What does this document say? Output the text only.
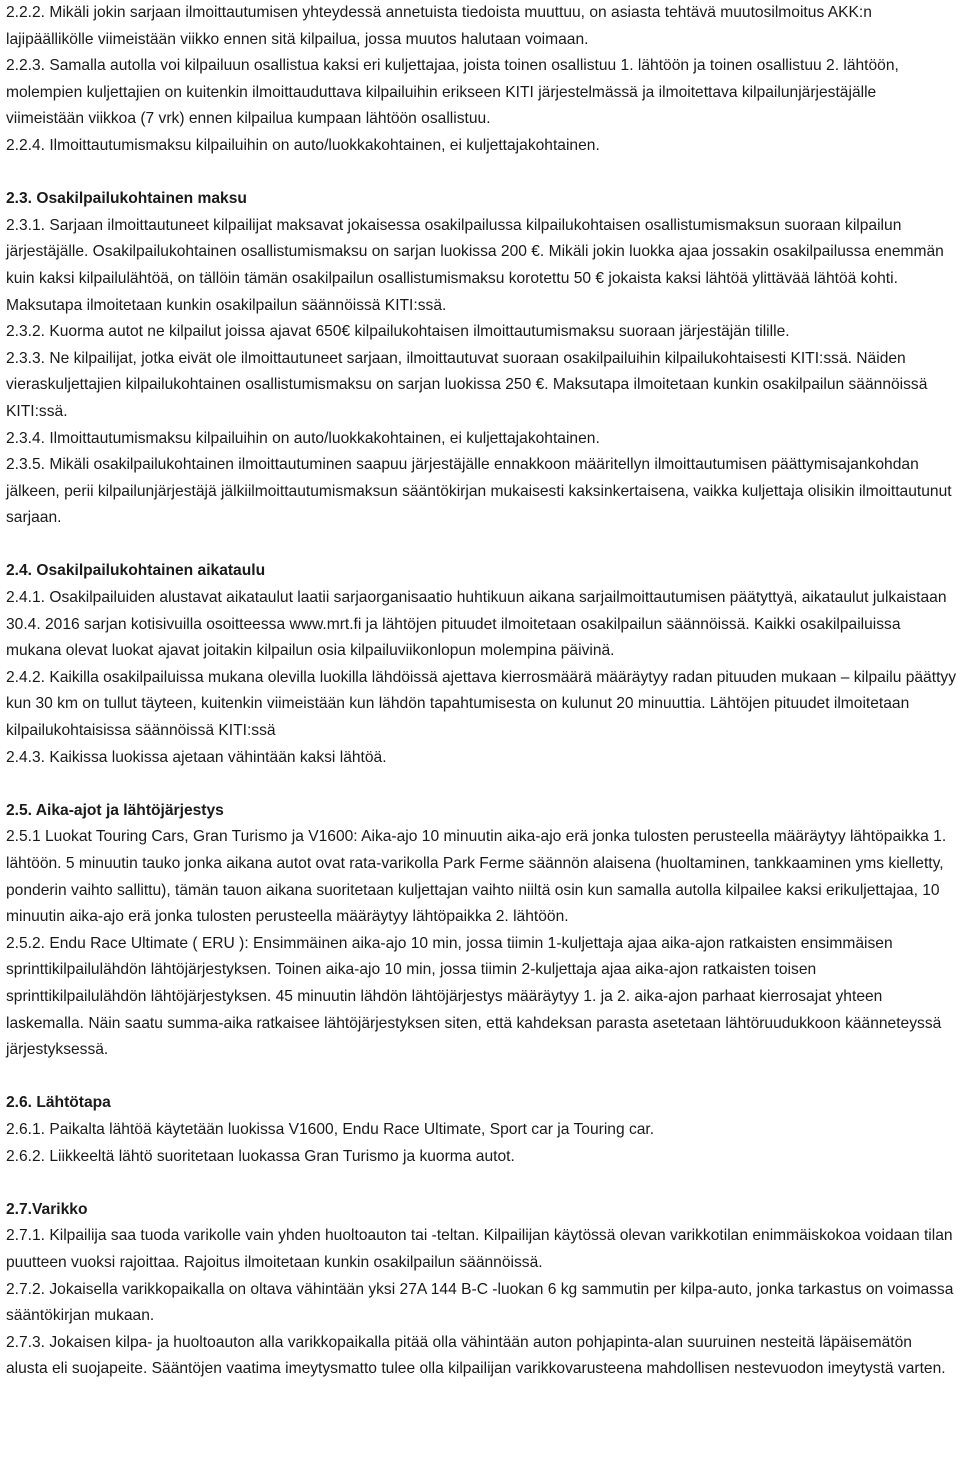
2.2.2. Mikäli jokin sarjaan ilmoittautumisen yhteydessä annetuista tiedoista muuttuu, on asiasta tehtävä muutosilmoitus AKK:n lajipäällikölle viimeistään viikko ennen sitä kilpailua, jossa muutos halutaan voimaan.

2.2.3. Samalla autolla voi kilpailuun osallistua kaksi eri kuljettajaa, joista toinen osallistuu 1. lähtöön ja toinen osallistuu 2. lähtöön, molempien kuljettajien on kuitenkin ilmoittauduttava kilpailuihin erikseen KITI järjestelmässä ja ilmoitettava kilpailunjärjestäjälle viimeistään viikkoa (7 vrk) ennen kilpailua kumpaan lähtöön osallistuu.

2.2.4. Ilmoittautumismaksu kilpailuihin on auto/luokkakohtainen, ei kuljettajakohtainen.

2.3. Osakilpailukohtainen maksu

2.3.1. Sarjaan ilmoittautuneet kilpailijat maksavat jokaisessa osakilpailussa kilpailukohtaisen osallistumismaksun suoraan kilpailun järjestäjälle. Osakilpailukohtainen osallistumismaksu on sarjan luokissa 200 €. Mikäli jokin luokka ajaa jossakin osakilpailussa enemmän kuin kaksi kilpailulähtöä, on tällöin tämän osakilpailun osallistumismaksu korotettu 50 € jokaista kaksi lähtöä ylittävää lähtöä kohti. Maksutapa ilmoitetaan kunkin osakilpailun säännöissä KITI:ssä.

2.3.2. Kuorma autot ne kilpailut joissa ajavat 650€ kilpailukohtaisen ilmoittautumismaksu suoraan järjestäjän tilille.

2.3.3. Ne kilpailijat, jotka eivät ole ilmoittautuneet sarjaan, ilmoittautuvat suoraan osakilpailuihin kilpailukohtaisesti KITI:ssä. Näiden vieraskuljettajien kilpailukohtainen osallistumismaksu on sarjan luokissa 250 €. Maksutapa ilmoitetaan kunkin osakilpailun säännöissä KITI:ssä.

2.3.4. Ilmoittautumismaksu kilpailuihin on auto/luokkakohtainen, ei kuljettajakohtainen.

2.3.5. Mikäli osakilpailukohtainen ilmoittautuminen saapuu järjestäjälle ennakkoon määritellyn ilmoittautumisen päättymisajankohdan jälkeen, perii kilpailunjärjestäjä jälkiilmoittautumismaksun sääntökirjan mukaisesti kaksinkertaisena, vaikka kuljettaja olisikin ilmoittautunut sarjaan.

2.4. Osakilpailukohtainen aikataulu

2.4.1. Osakilpailuiden alustavat aikataulut laatii sarjaorganisaatio huhtikuun aikana sarjailmoittautumisen päätyttyä, aikataulut julkaistaan 30.4. 2016 sarjan kotisivuilla osoitteessa www.mrt.fi ja lähtöjen pituudet ilmoitetaan osakilpailun säännöissä. Kaikki osakilpailuissa mukana olevat luokat ajavat joitakin kilpailun osia kilpailuviikonlopun molempina päivinä.

2.4.2. Kaikilla osakilpailuissa mukana olevilla luokilla lähdöissä ajettava kierrosmäärä määräytyy radan pituuden mukaan – kilpailu päättyy kun 30 km on tullut täyteen, kuitenkin viimeistään kun lähdön tapahtumisesta on kulunut 20 minuuttia. Lähtöjen pituudet ilmoitetaan kilpailukohtaisissa säännöissä KITI:ssä

2.4.3. Kaikissa luokissa ajetaan vähintään kaksi lähtöä.

2.5. Aika-ajot ja lähtöjärjestys

2.5.1 Luokat Touring Cars, Gran Turismo ja V1600: Aika-ajo 10 minuutin aika-ajo erä jonka tulosten perusteella määräytyy lähtöpaikka 1. lähtöön. 5 minuutin tauko jonka aikana autot ovat rata-varikolla Park Ferme säännön alaisena (huoltaminen, tankkaaminen yms kielletty, ponderin vaihto sallittu), tämän tauon aikana suoritetaan kuljettajan vaihto niiltä osin kun samalla autolla kilpailee kaksi erikuljettajaa, 10 minuutin aika-ajo erä jonka tulosten perusteella määräytyy lähtöpaikka 2. lähtöön.

2.5.2. Endu Race Ultimate ( ERU ): Ensimmäinen aika-ajo 10 min, jossa tiimin 1-kuljettaja ajaa aika-ajon ratkaisten ensimmäisen sprinttikilpailulähdön lähtöjärjestyksen. Toinen aika-ajo 10 min, jossa tiimin 2-kuljettaja ajaa aika-ajon ratkaisten toisen sprinttikilpailulähdön lähtöjärjestyksen. 45 minuutin lähdön lähtöjärjestys määräytyy 1. ja 2. aika-ajon parhaat kierrosajat yhteen laskemalla. Näin saatu summa-aika ratkaisee lähtöjärjestyksen siten, että kahdeksan parasta asetetaan lähtöruudukkoon käänneteyssä järjestyksessä.

2.6. Lähtötapa

2.6.1. Paikalta lähtöä käytetään luokissa V1600, Endu Race Ultimate, Sport car ja Touring car.

2.6.2. Liikkeeltä lähtö suoritetaan luokassa Gran Turismo ja kuorma autot.

2.7.Varikko

2.7.1. Kilpailija saa tuoda varikolle vain yhden huoltoauton tai -teltan. Kilpailijan käytössä olevan varikkotilan enimmäiskokoa voidaan tilan puutteen vuoksi rajoittaa. Rajoitus ilmoitetaan kunkin osakilpailun säännöissä.

2.7.2. Jokaisella varikkopaikalla on oltava vähintään yksi 27A 144 B-C -luokan 6 kg sammutin per kilpa-auto, jonka tarkastus on voimassa sääntökirjan mukaan.

2.7.3. Jokaisen kilpa- ja huoltoauton alla varikkopaikalla pitää olla vähintään auton pohjapinta-alan suuruinen nesteitä läpäisemätön alusta eli suojapeite. Sääntöjen vaatima imeytysmatto tulee olla kilpailijan varikkovarusteena mahdollisen nestevuodon imeytystä varten.
